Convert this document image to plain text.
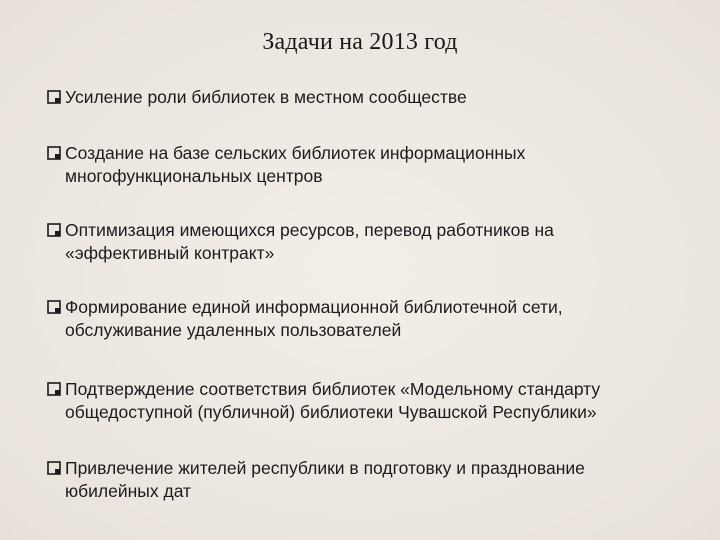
Задачи на 2013 год
Усиление роли библиотек в местном сообществе
Создание на базе сельских библиотек информационных
многофункциональных центров
Оптимизация имеющихся ресурсов, перевод работников на
«эффективный контракт»
Формирование единой информационной библиотечной сети,
обслуживание удаленных пользователей
Подтверждение соответствия библиотек «Модельному стандарту
общедоступной (публичной) библиотеки Чувашской Республики»
Привлечение жителей республики в подготовку и празднование
юбилейных дат
